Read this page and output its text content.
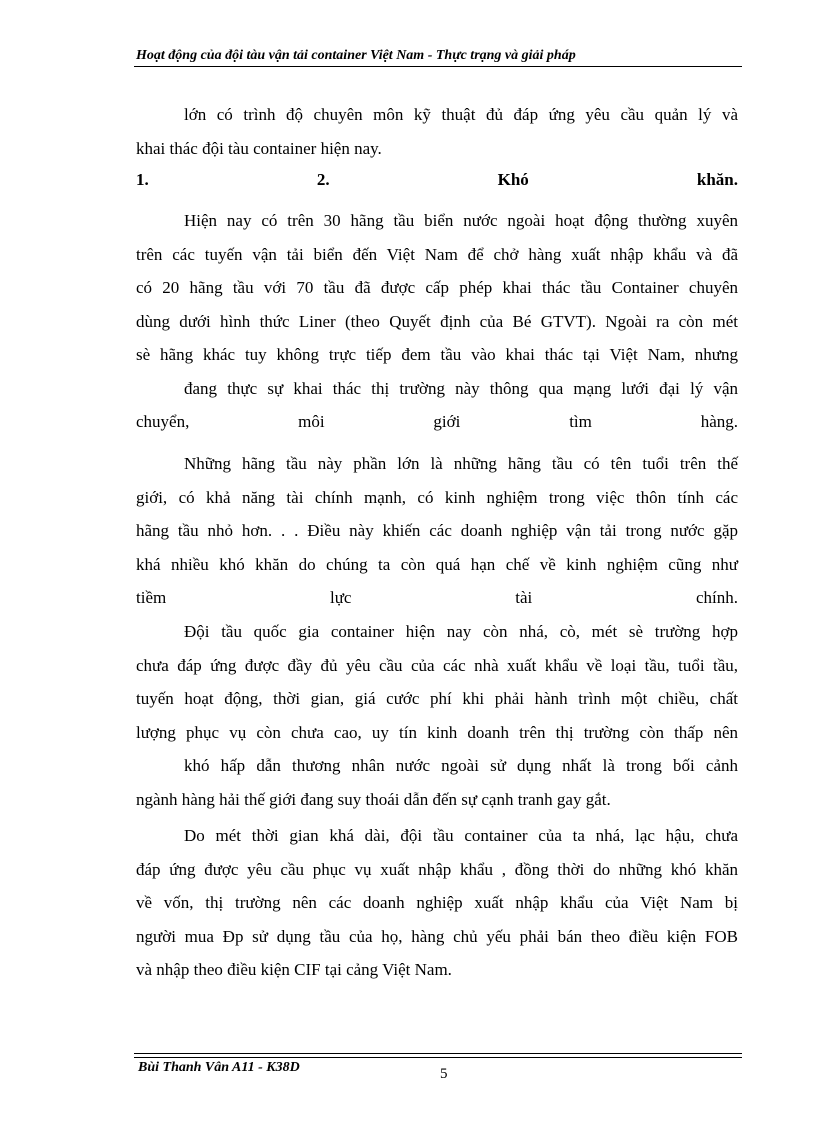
Hoạt động của đội tàu vận tải container Việt Nam - Thực trạng và giải pháp
lớn có trình độ chuyên môn kỹ thuật đủ đáp ứng yêu cầu quản lý và
khai thác đội tàu container hiện nay.
1.	2.	Khó	khăn.
Hiện nay có trên 30 hãng tầu biển nước ngoài hoạt động thường xuyên
trên các tuyến vận tải biển đến Việt Nam để chở hàng xuất nhập khẩu và đã
có 20 hãng tầu với 70 tầu đã được cấp phép khai thác tầu Container chuyên
dùng dưới hình thức Liner (theo Quyết định của Bé GTVT). Ngoài ra còn mét
sè hãng khác tuy không trực tiếp đem tầu vào khai thác tại Việt Nam, nhưng
đang thực sự khai thác thị trường này thông qua mạng lưới đại lý vận
chuyển, môi giới tìm hàng.
Những hãng tầu này phần lớn là những hãng tầu có tên tuổi trên thế
giới, có khả năng tài chính mạnh, có kinh nghiệm trong việc thôn tính các
hãng tầu nhỏ hơn. . . Điều này khiến các doanh nghiệp vận tải trong nước gặp
khá nhiều khó khăn do chúng ta còn quá hạn chế về kinh nghiệm cũng như
tiềm lực tài chính.
Đội tầu quốc gia container hiện nay còn nhá, cò, mét sè trường hợp
chưa đáp ứng được đầy đủ yêu cầu của các nhà xuất khẩu về loại tầu, tuổi tầu,
tuyến hoạt động, thời gian, giá cước phí khi phải hành trình một chiều, chất
lượng phục vụ còn chưa cao, uy tín kinh doanh trên thị trường còn thấp nên
khó hấp dẫn thương nhân nước ngoài sử dụng nhất là trong bối cảnh
ngành hàng hải thế giới đang suy thoái dẫn đến sự cạnh tranh gay gắt.
Do mét thời gian khá dài, đội tầu container của ta nhá, lạc hậu, chưa
đáp ứng được yêu cầu phục vụ xuất nhập khẩu , đồng thời do những khó khăn
về vốn, thị trường nên các doanh nghiệp xuất nhập khẩu của Việt Nam bị
người mua Ðp sử dụng tầu của họ, hàng chủ yếu phải bán theo điều kiện FOB
và nhập theo điều kiện CIF tại cảng Việt Nam.
Bùi Thanh Vân A11 - K38D	5
